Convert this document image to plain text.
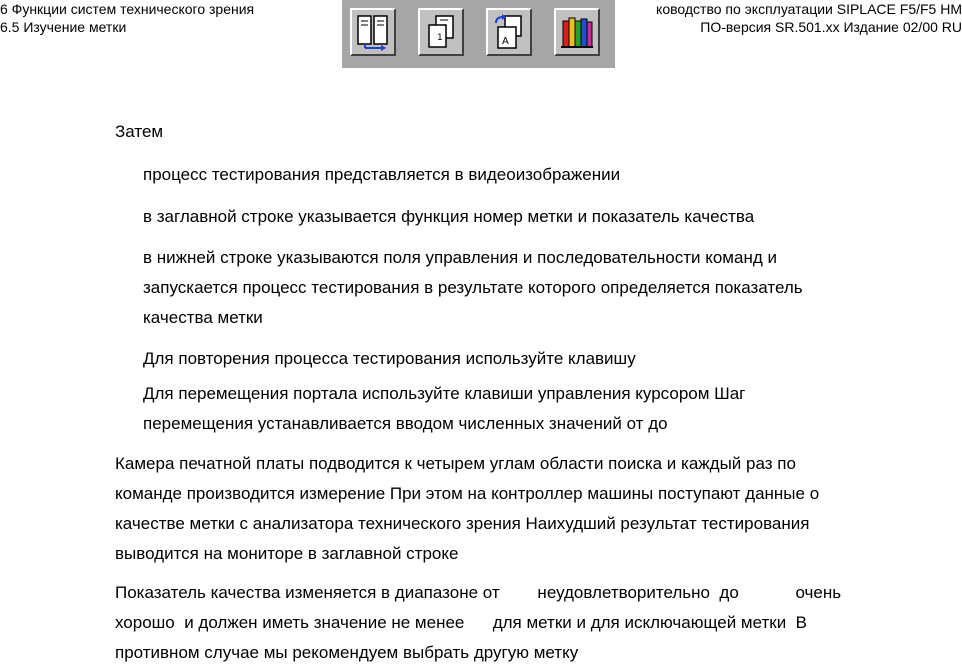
6 Функции систем технического зрения
6.5 Изучение метки
ководство по эксплуатации SIPLACE F5/F5 HM
ПО-версия SR.501.xx Издание 02/00 RU
1	A
Затем
процесс тестирования представляется в видеоизображении
в заглавной строке указывается функция номер метки и показатель качества
в нижней строке указываются поля управления и последовательности команд и
запускается процесс тестирования в результате которого определяется показатель
качества метки
Для повторения процесса тестирования используйте клавишу
Для перемещения портала используйте клавиши управления курсором Шаг
перемещения устанавливается вводом численных значений от до
Камера печатной платы подводится к четырем углам области поиска и каждый раз по
команде производится измерение При этом на контроллер машины поступают данные о
качестве метки с анализатора технического зрения Наихудший результат тестирования
выводится на мониторе в заглавной строке
Показатель качества изменяется в диапазоне от        неудовлетворительно  до            очень
хорошо  и должен иметь значение не менее      для метки и для исключающей метки  В
противном случае мы рекомендуем выбрать другую метку
